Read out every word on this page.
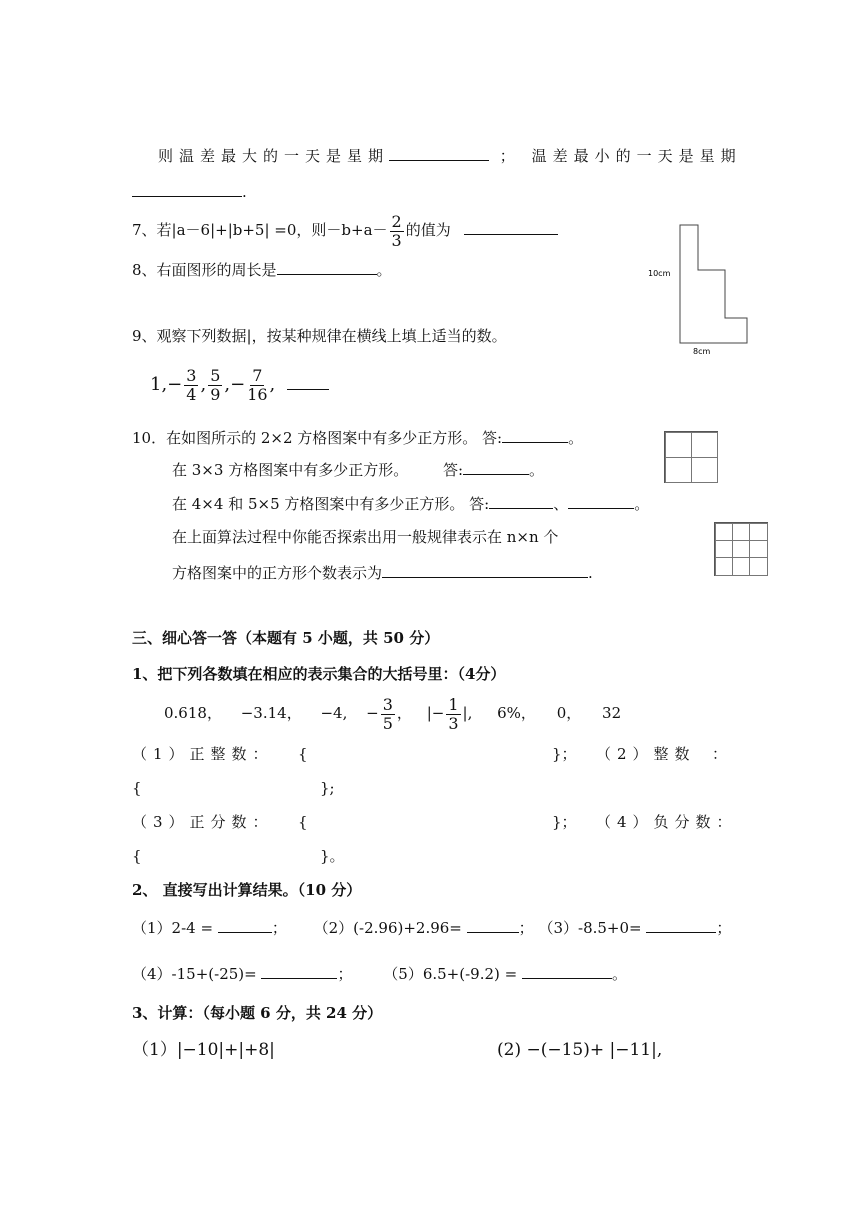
则温差最大的一天是星期	； 温差最小的一天是星期
.
7、若|a－6|+|b+5| =0，则$-b+a- \frac{2}{3}$ 的值为
8、右面图形的周长是	。	10cm
8cm
9、观察下列数据|，按某种规律在横线上填上适当的数。
$1,- \frac{3}{4}$ , $\frac{5}{9}$ ,− $\frac{7}{16}$ ,
10．在如图所示的 2×2 方格图案中有多少正方形。 答:	。
在 3×3 方格图案中有多少正方形。 答:	。
在 4×4 和 5×5 方格图案中有多少正方形。 答:	、	。
在上面算法过程中你能否探索出用一般规律表示在 n×n 个
方格图案中的正方形个数表示为	.
三、细心答一答（本题有 5 小题，共 50 分）
1、把下列各数填在相应的表示集合的大括号里：（4分）
0.618， −3.14， −4, − $\frac{3}{5}$ ， |− $\frac{1}{3}$ |, 6%， 0， 32
（1）正整数： {	}； （2）整数 ：
{	};
（3）正分数： {	}； （4）负分数：
{	}。
2、 直接写出计算结果。（10 分）
（1）2-4 =	； （2）(-2.96)+2.96=	； （3）-8.5+0=	；
（4）-15+(-25)=	； （5）6.5+(-9.2) =	。
3、计算：（每小题 6 分，共 24 分）
（1）|−10|+|+8|	(2) −(−15)+ |−11|,
